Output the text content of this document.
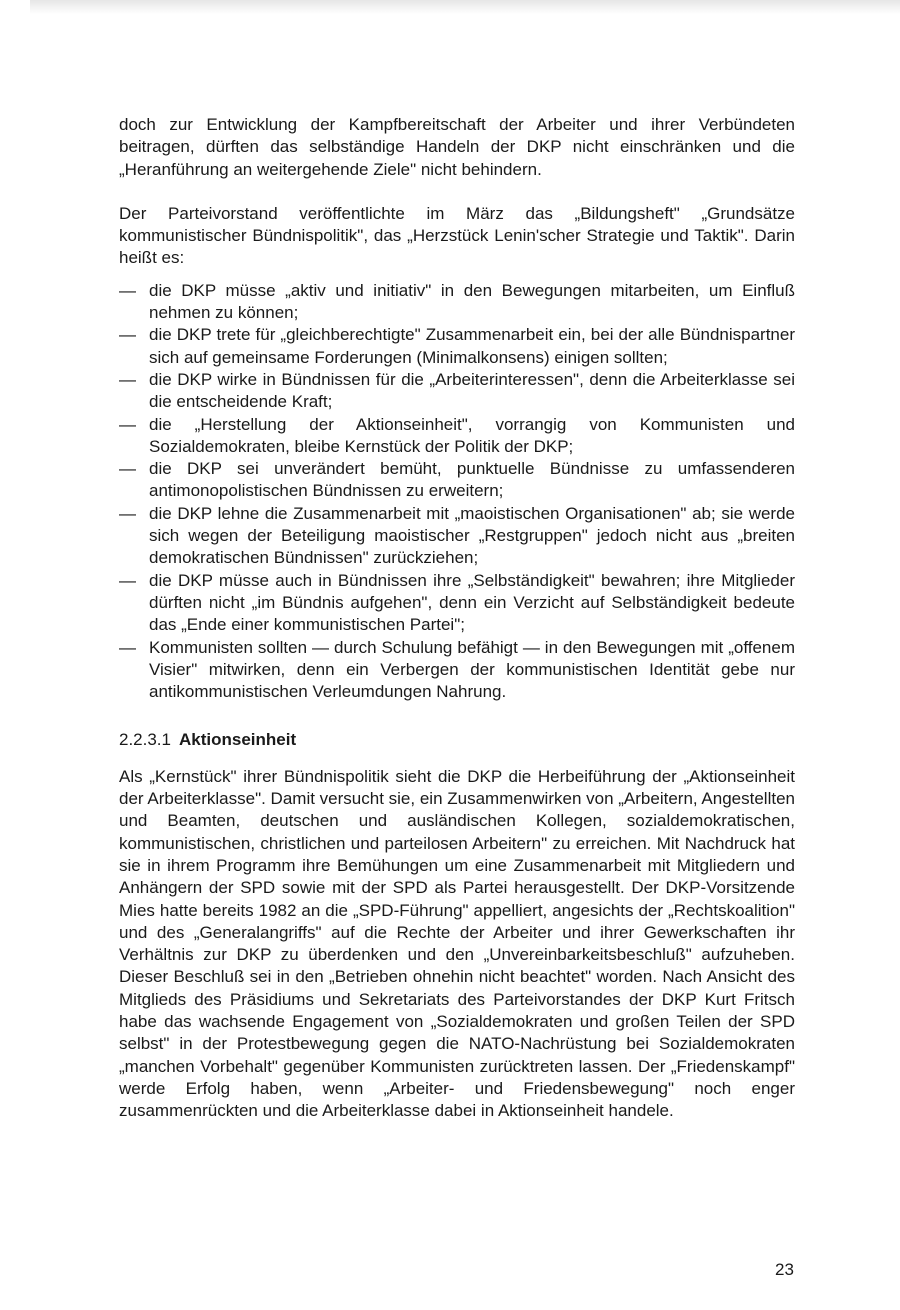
doch zur Entwicklung der Kampfbereitschaft der Arbeiter und ihrer Verbündeten beitragen, dürften das selbständige Handeln der DKP nicht einschränken und die „Heranführung an weitergehende Ziele" nicht behindern.

Der Parteivorstand veröffentlichte im März das „Bildungsheft" „Grundsätze kommunistischer Bündnispolitik", das „Herzstück Lenin'scher Strategie und Taktik". Darin heißt es:

— die DKP müsse „aktiv und initiativ" in den Bewegungen mitarbeiten, um Einfluß nehmen zu können;
— die DKP trete für „gleichberechtigte" Zusammenarbeit ein, bei der alle Bündnispartner sich auf gemeinsame Forderungen (Minimalkonsens) einigen sollten;
— die DKP wirke in Bündnissen für die „Arbeiterinteressen", denn die Arbeiterklasse sei die entscheidende Kraft;
— die „Herstellung der Aktionseinheit", vorrangig von Kommunisten und Sozialdemokraten, bleibe Kernstück der Politik der DKP;
— die DKP sei unverändert bemüht, punktuelle Bündnisse zu umfassenderen antimonopolistischen Bündnissen zu erweitern;
— die DKP lehne die Zusammenarbeit mit „maoistischen Organisationen" ab; sie werde sich wegen der Beteiligung maoistischer „Restgruppen" jedoch nicht aus „breiten demokratischen Bündnissen" zurückziehen;
— die DKP müsse auch in Bündnissen ihre „Selbständigkeit" bewahren; ihre Mitglieder dürften nicht „im Bündnis aufgehen", denn ein Verzicht auf Selbständigkeit bedeute das „Ende einer kommunistischen Partei";
— Kommunisten sollten — durch Schulung befähigt — in den Bewegungen mit „offenem Visier" mitwirken, denn ein Verbergen der kommunistischen Identität gebe nur antikommunistischen Verleumdungen Nahrung.
2.2.3.1 Aktionseinheit

Als „Kernstück" ihrer Bündnispolitik sieht die DKP die Herbeiführung der „Aktionseinheit der Arbeiterklasse". Damit versucht sie, ein Zusammenwirken von „Arbeitern, Angestellten und Beamten, deutschen und ausländischen Kollegen, sozialdemokratischen, kommunistischen, christlichen und parteilosen Arbeitern" zu erreichen. Mit Nachdruck hat sie in ihrem Programm ihre Bemühungen um eine Zusammenarbeit mit Mitgliedern und Anhängern der SPD sowie mit der SPD als Partei herausgestellt. Der DKP-Vorsitzende Mies hatte bereits 1982 an die „SPD-Führung" appelliert, angesichts der „Rechtskoalition" und des „Generalangriffs" auf die Rechte der Arbeiter und ihrer Gewerkschaften ihr Verhältnis zur DKP zu überdenken und den „Unvereinbarkeitsbeschluß" aufzuheben. Dieser Beschluß sei in den „Betrieben ohnehin nicht beachtet" worden. Nach Ansicht des Mitglieds des Präsidiums und Sekretariats des Parteivorstandes der DKP Kurt Fritsch habe das wachsende Engagement von „Sozialdemokraten und großen Teilen der SPD selbst" in der Protestbewegung gegen die NATO-Nachrüstung bei Sozialdemokraten „manchen Vorbehalt" gegenüber Kommunisten zurücktreten lassen. Der „Friedenskampf" werde Erfolg haben, wenn „Arbeiter- und Friedensbewegung" noch enger zusammenrückten und die Arbeiterklasse dabei in Aktionseinheit handele.

23
